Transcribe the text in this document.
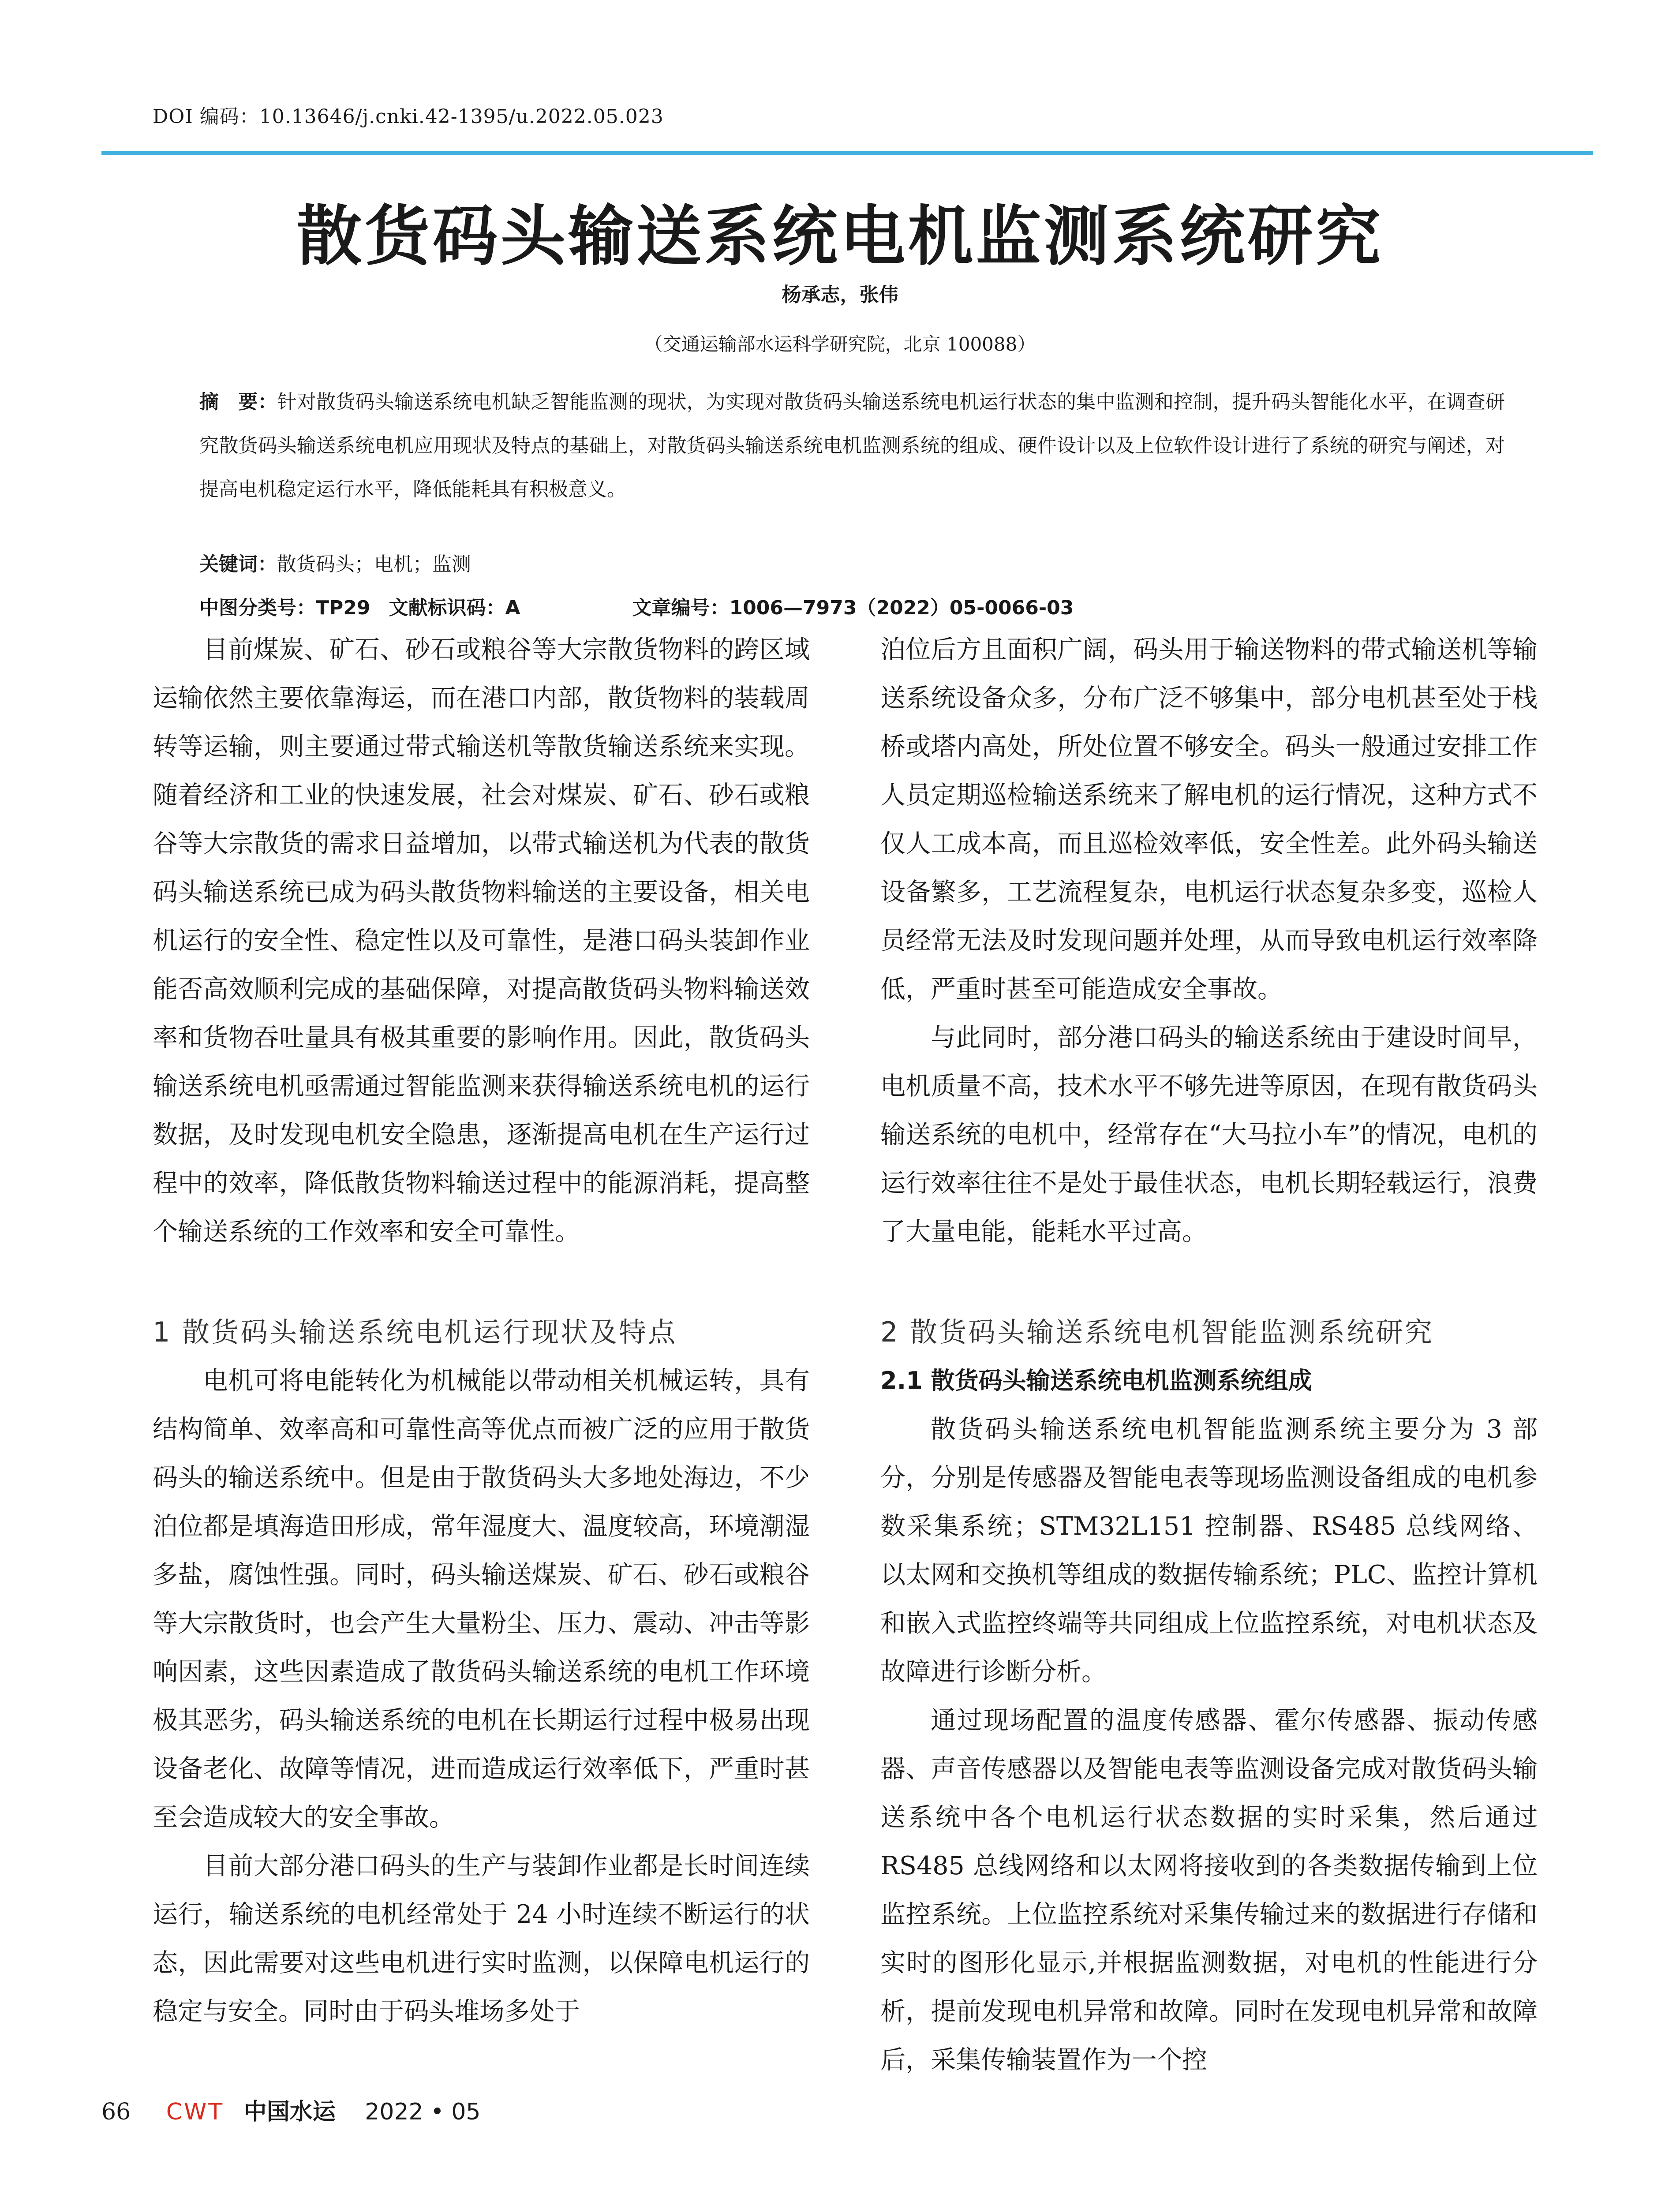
DOI 编码：10.13646/j.cnki.42-1395/u.2022.05.023
散货码头输送系统电机监测系统研究
杨承志，张伟
（交通运输部水运科学研究院，北京 100088）

摘　要：针对散货码头输送系统电机缺乏智能监测的现状，为实现对散货码头输送系统电机运行状态的集中监测和控制，提升码头智能化水平，在调查研究散货码头输送系统电机应用现状及特点的基础上，对散货码头输送系统电机监测系统的组成、硬件设计以及上位软件设计进行了系统的研究与阐述，对提高电机稳定运行水平，降低能耗具有积极意义。

关键词：散货码头；电机；监测
中图分类号：TP29 文献标识码：A	文章编号：1006—7973（2022）05-0066-03

目前煤炭、矿石、砂石或粮谷等大宗散货物料的跨区域运输依然主要依靠海运，而在港口内部，散货物料的装载周转等运输，则主要通过带式输送机等散货输送系统来实现。随着经济和工业的快速发展，社会对煤炭、矿石、砂石或粮谷等大宗散货的需求日益增加，以带式输送机为代表的散货码头输送系统已成为码头散货物料输送的主要设备，相关电机运行的安全性、稳定性以及可靠性，是港口码头装卸作业能否高效顺利完成的基础保障，对提高散货码头物料输送效率和货物吞吐量具有极其重要的影响作用。因此，散货码头输送系统电机亟需通过智能监测来获得输送系统电机的运行数据，及时发现电机安全隐患，逐渐提高电机在生产运行过程中的效率，降低散货物料输送过程中的能源消耗，提高整个输送系统的工作效率和安全可靠性。

1 散货码头输送系统电机运行现状及特点

电机可将电能转化为机械能以带动相关机械运转，具有结构简单、效率高和可靠性高等优点而被广泛的应用于散货码头的输送系统中。但是由于散货码头大多地处海边，不少泊位都是填海造田形成，常年湿度大、温度较高，环境潮湿多盐，腐蚀性强。同时，码头输送煤炭、矿石、砂石或粮谷等大宗散货时，也会产生大量粉尘、压力、震动、冲击等影响因素，这些因素造成了散货码头输送系统的电机工作环境极其恶劣，码头输送系统的电机在长期运行过程中极易出现设备老化、故障等情况，进而造成运行效率低下，严重时甚至会造成较大的安全事故。

目前大部分港口码头的生产与装卸作业都是长时间连续运行，输送系统的电机经常处于 24 小时连续不断运行的状态，因此需要对这些电机进行实时监测，以保障电机运行的稳定与安全。同时由于码头堆场多处于

泊位后方且面积广阔，码头用于输送物料的带式输送机等输送系统设备众多，分布广泛不够集中，部分电机甚至处于栈桥或塔内高处，所处位置不够安全。码头一般通过安排工作人员定期巡检输送系统来了解电机的运行情况，这种方式不仅人工成本高，而且巡检效率低，安全性差。此外码头输送设备繁多，工艺流程复杂，电机运行状态复杂多变，巡检人员经常无法及时发现问题并处理，从而导致电机运行效率降低，严重时甚至可能造成安全事故。

与此同时，部分港口码头的输送系统由于建设时间早，电机质量不高，技术水平不够先进等原因，在现有散货码头输送系统的电机中，经常存在“大马拉小车”的情况，电机的运行效率往往不是处于最佳状态，电机长期轻载运行，浪费了大量电能，能耗水平过高。

2 散货码头输送系统电机智能监测系统研究
2.1 散货码头输送系统电机监测系统组成

散货码头输送系统电机智能监测系统主要分为 3 部分，分别是传感器及智能电表等现场监测设备组成的电机参数采集系统；STM32L151 控制器、RS485 总线网络、以太网和交换机等组成的数据传输系统；PLC、监控计算机和嵌入式监控终端等共同组成上位监控系统，对电机状态及故障进行诊断分析。

通过现场配置的温度传感器、霍尔传感器、振动传感器、声音传感器以及智能电表等监测设备完成对散货码头输送系统中各个电机运行状态数据的实时采集，然后通过 RS485 总线网络和以太网将接收到的各类数据传输到上位监控系统。上位监控系统对采集传输过来的数据进行存储和实时的图形化显示,并根据监测数据，对电机的性能进行分析，提前发现电机异常和故障。同时在发现电机异常和故障后，采集传输装置作为一个控

66 CWT 中国水运 2022 • 05
